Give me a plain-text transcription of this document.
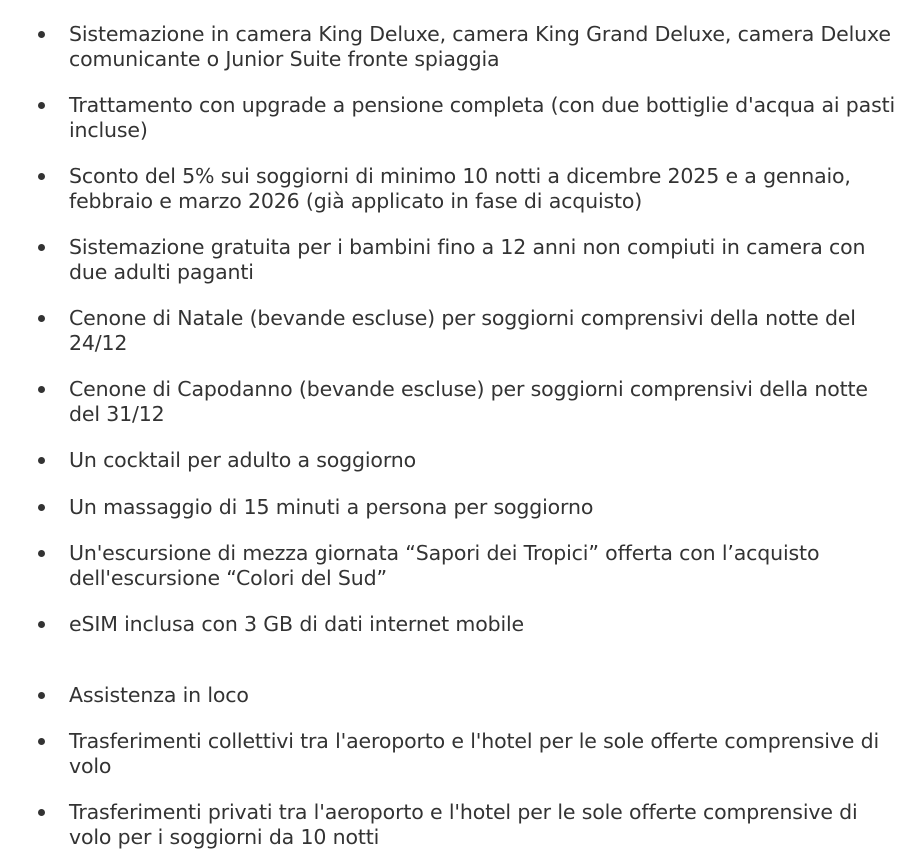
Sistemazione in camera King Deluxe, camera King Grand Deluxe, camera Deluxe comunicante o Junior Suite fronte spiaggia
Trattamento con upgrade a pensione completa (con due bottiglie d'acqua ai pasti incluse)
Sconto del 5% sui soggiorni di minimo 10 notti a dicembre 2025 e a gennaio, febbraio e marzo 2026 (già applicato in fase di acquisto)
Sistemazione gratuita per i bambini fino a 12 anni non compiuti in camera con due adulti paganti
Cenone di Natale (bevande escluse) per soggiorni comprensivi della notte del 24/12
Cenone di Capodanno (bevande escluse) per soggiorni comprensivi della notte del 31/12
Un cocktail per adulto a soggiorno
Un massaggio di 15 minuti a persona per soggiorno
Un'escursione di mezza giornata “Sapori dei Tropici” offerta con l’acquisto dell'escursione “Colori del Sud”
eSIM inclusa con 3 GB di dati internet mobile
Assistenza in loco
Trasferimenti collettivi tra l'aeroporto e l'hotel per le sole offerte comprensive di volo
Trasferimenti privati tra l'aeroporto e l'hotel per le sole offerte comprensive di volo per i soggiorni da 10 notti
